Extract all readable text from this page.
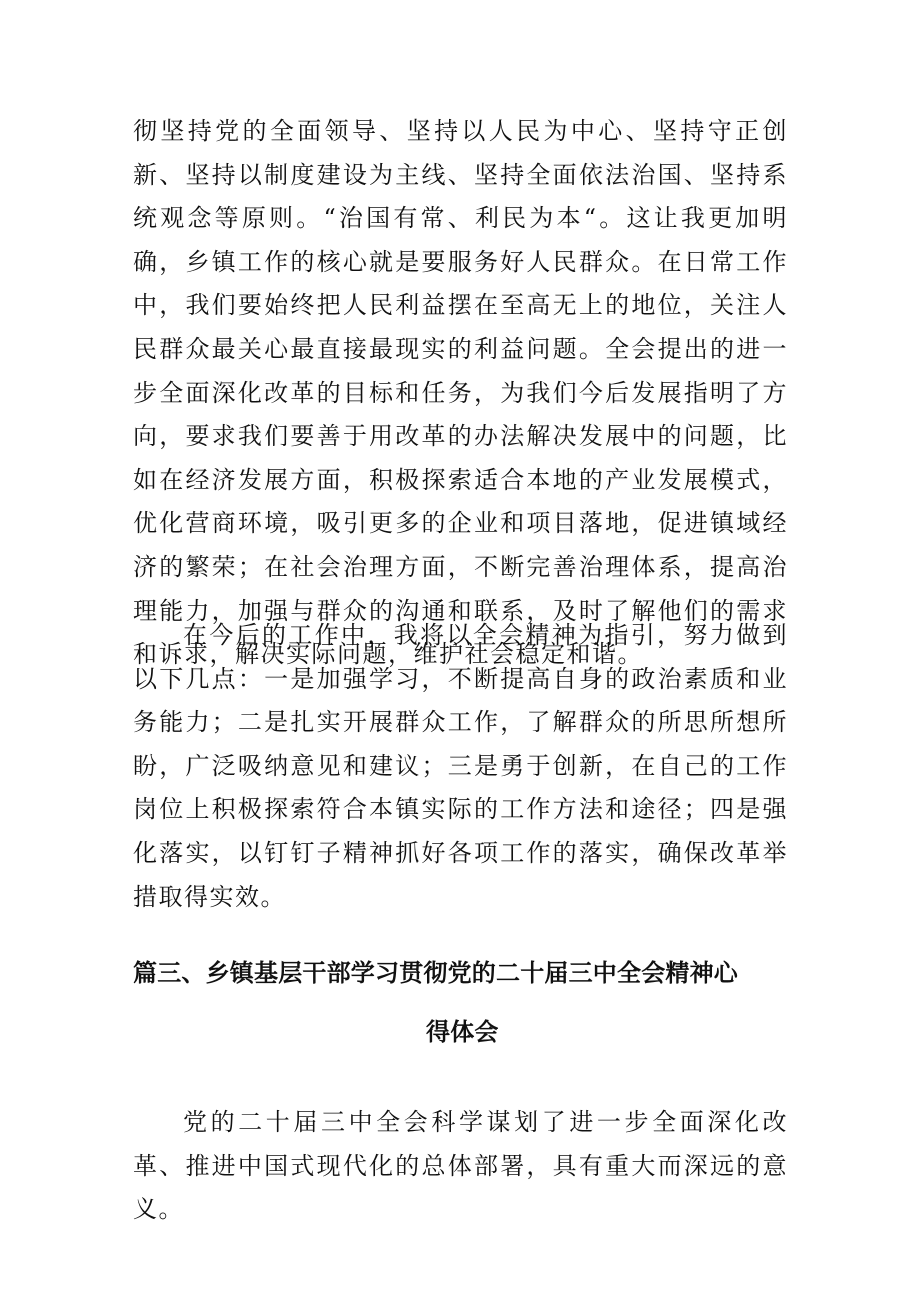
彻坚持党的全面领导、坚持以人民为中心、坚持守正创新、坚持以制度建设为主线、坚持全面依法治国、坚持系统观念等原则。“治国有常、利民为本“。这让我更加明确，乡镇工作的核心就是要服务好人民群众。在日常工作中，我们要始终把人民利益摆在至高无上的地位，关注人民群众最关心最直接最现实的利益问题。全会提出的进一步全面深化改革的目标和任务，为我们今后发展指明了方向，要求我们要善于用改革的办法解决发展中的问题，比如在经济发展方面，积极探索适合本地的产业发展模式，优化营商环境，吸引更多的企业和项目落地，促进镇域经济的繁荣；在社会治理方面，不断完善治理体系，提高治理能力，加强与群众的沟通和联系，及时了解他们的需求和诉求，解决实际问题，维护社会稳定和谐。

在今后的工作中，我将以全会精神为指引，努力做到以下几点：一是加强学习，不断提高自身的政治素质和业务能力；二是扎实开展群众工作，了解群众的所思所想所盼，广泛吸纳意见和建议；三是勇于创新，在自己的工作岗位上积极探索符合本镇实际的工作方法和途径；四是强化落实，以钉钉子精神抓好各项工作的落实，确保改革举措取得实效。

篇三、乡镇基层干部学习贯彻党的二十届三中全会精神心
得体会

党的二十届三中全会科学谋划了进一步全面深化改革、推进中国式现代化的总体部署，具有重大而深远的意义。
